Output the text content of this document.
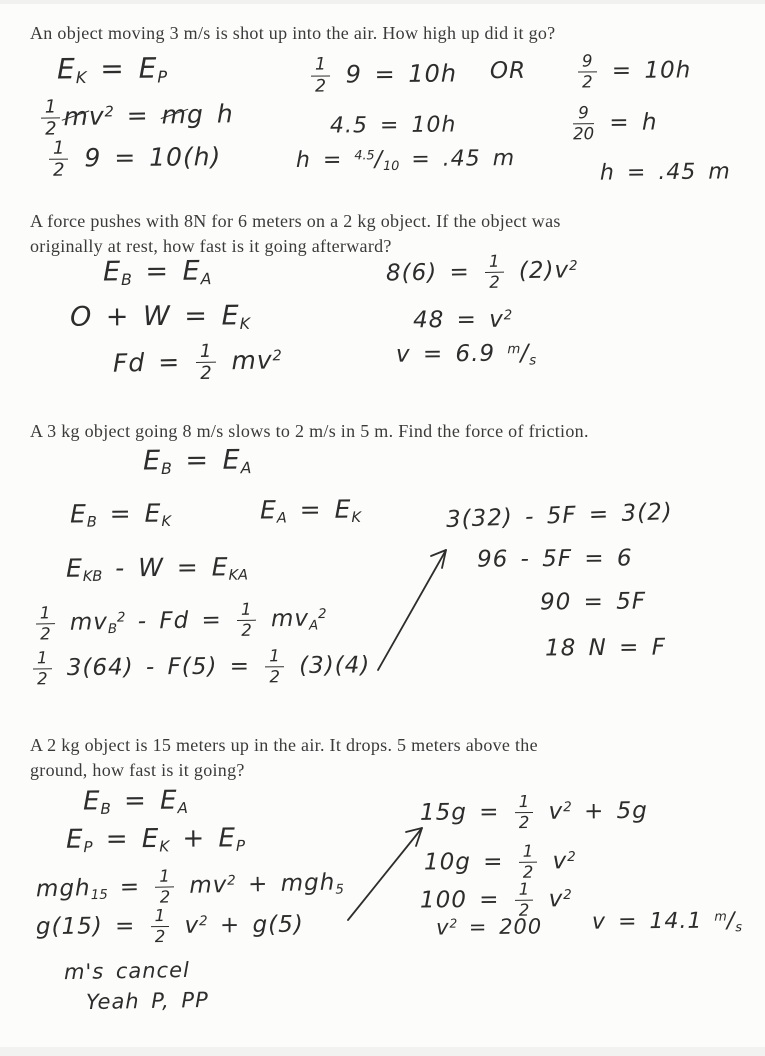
An object moving 3 m/s is shot up into the air. How high up did it go?
$E_K = E_P$
$\frac{1}{2} mv^2$ = mg h
$\frac{1}{2} 9 = 10(h)$
$\frac{1}{2} 9 = 10h$ OR
4.5 = 10h
$h = ^{4.5}/_{10} = .45$ m
$\frac{9}{2} = 10h$
$\frac{9}{20} = h$
h = .45 m
A force pushes with 8N for 6 meters on a 2 kg object. If the object was
originally at rest, how fast is it going afterward?
$E_B = E_A$
$O + W = E_K$
$Fd = \frac{1}{2} mv^2$
$8(6) = \frac{1}{2} (2)v^2$
$48 = v^2$
v = 6.9 $^m/_s$
A 3 kg object going 8 m/s slows to 2 m/s in 5 m. Find the force of friction.
$E_B = E_A$
$E_B = E_K$	$E_A = E_K$
$E_{KB} - W = E_{KA}$
$\frac{1}{2} mv_B^2 - Fd = \frac{1}{2} mv_A^2$
$\frac{1}{2} 3(64) - F(5) = \frac{1}{2} (3)(4)$
3(32) - 5F = 3(2)
96 - 5F = 6
90 = 5F
18 N = F
A 2 kg object is 15 meters up in the air. It drops. 5 meters above the
ground, how fast is it going?
$E_B = E_A$
$E_P = E_K + E_P$
$mgh_{15} = \frac{1}{2} mv^2 + mgh_5$
$g(15) = \frac{1}{2} v^2 + g(5)$
$15g = \frac{1}{2} v^2 + 5g$
$10g = \frac{1}{2} v^2$
$100 = \frac{1}{2} v^2$
$v^2 = 200$ v = 14.1 $^m/_s$
m's cancel
Yeah P, PP
